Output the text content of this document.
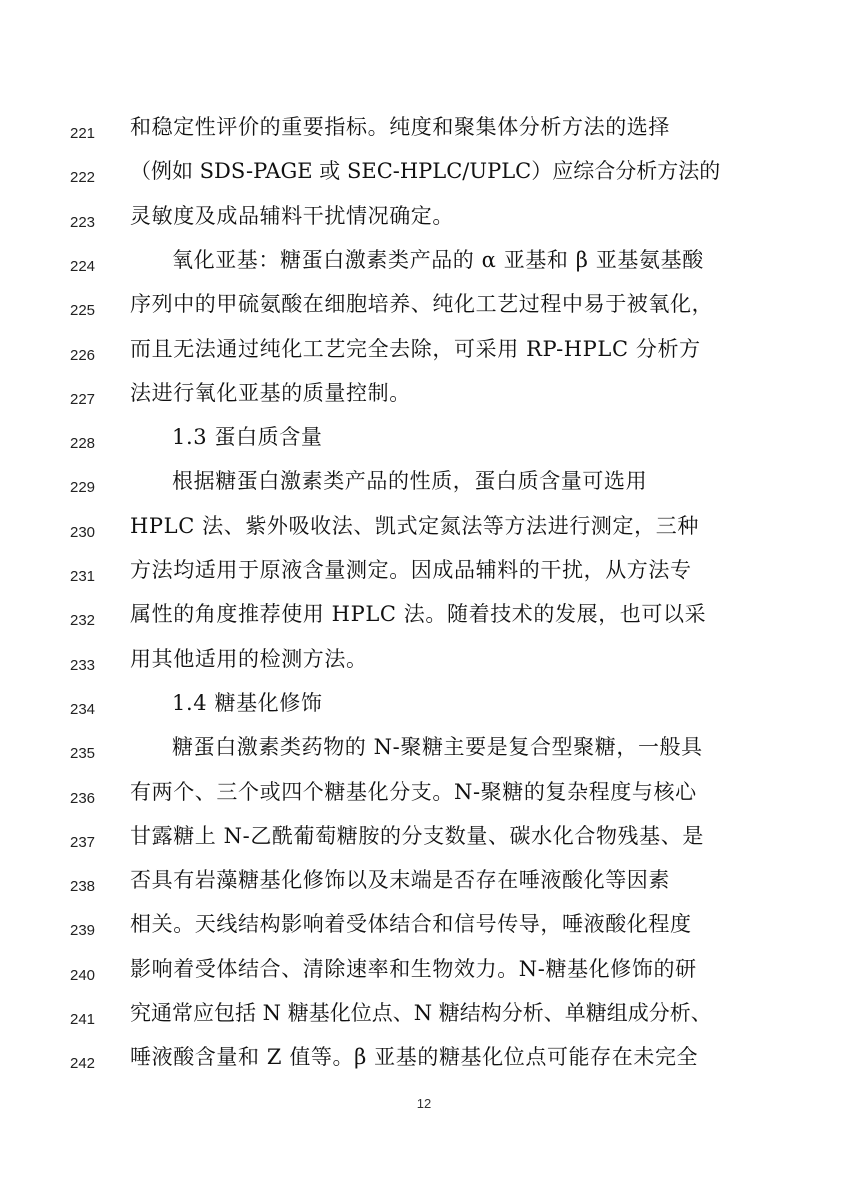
221	和稳定性评价的重要指标。纯度和聚集体分析方法的选择
222	（例如 SDS-PAGE 或 SEC-HPLC/UPLC）应综合分析方法的
223	灵敏度及成品辅料干扰情况确定。
224	氧化亚基：糖蛋白激素类产品的 α 亚基和 β 亚基氨基酸
225	序列中的甲硫氨酸在细胞培养、纯化工艺过程中易于被氧化，
226	而且无法通过纯化工艺完全去除，可采用 RP-HPLC 分析方
227	法进行氧化亚基的质量控制。
228	1.3 蛋白质含量
229	根据糖蛋白激素类产品的性质，蛋白质含量可选用
230	HPLC 法、紫外吸收法、凯式定氮法等方法进行测定，三种
231	方法均适用于原液含量测定。因成品辅料的干扰，从方法专
232	属性的角度推荐使用 HPLC 法。随着技术的发展，也可以采
233	用其他适用的检测方法。
234	1.4 糖基化修饰
235	糖蛋白激素类药物的 N-聚糖主要是复合型聚糖，一般具
236	有两个、三个或四个糖基化分支。N-聚糖的复杂程度与核心
237	甘露糖上 N-乙酰葡萄糖胺的分支数量、碳水化合物残基、是
238	否具有岩藻糖基化修饰以及末端是否存在唾液酸化等因素
239	相关。天线结构影响着受体结合和信号传导，唾液酸化程度
240	影响着受体结合、清除速率和生物效力。N-糖基化修饰的研
241	究通常应包括 N 糖基化位点、N 糖结构分析、单糖组成分析、
242	唾液酸含量和 Z 值等。β 亚基的糖基化位点可能存在未完全
12
